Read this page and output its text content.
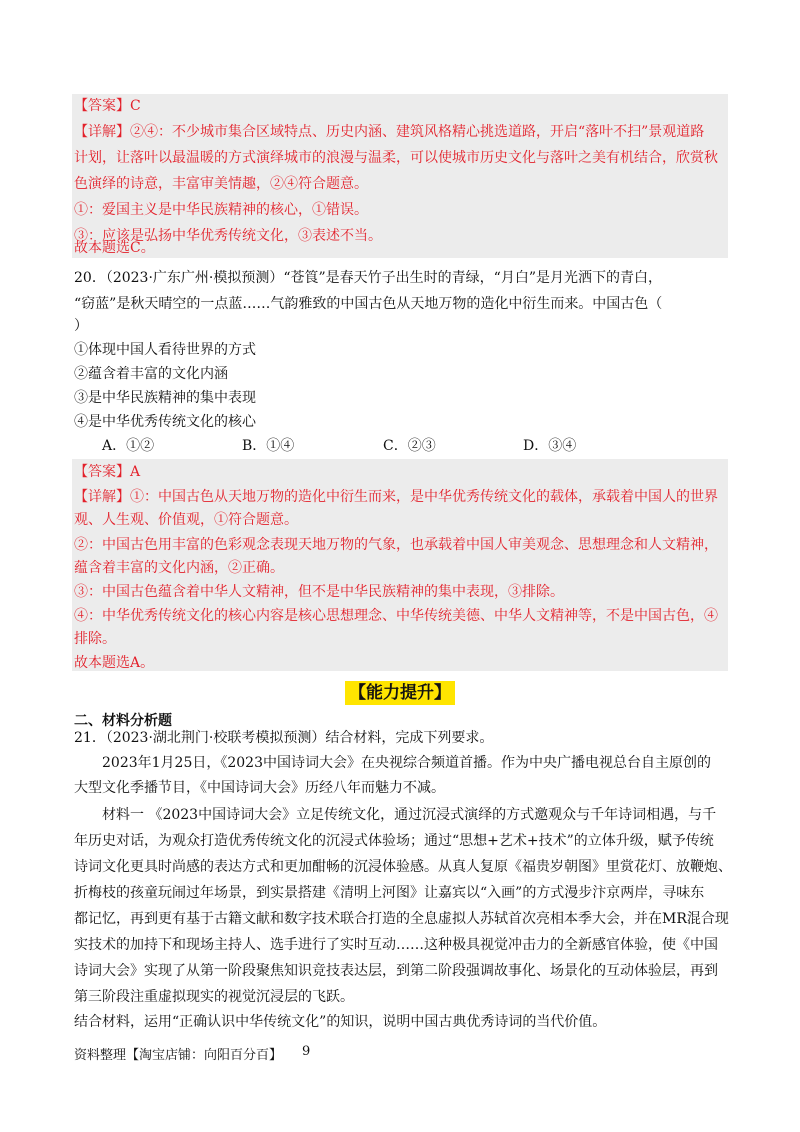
【答案】C
【详解】②④：不少城市集合区域特点、历史内涵、建筑风格精心挑选道路，开启“落叶不扫”景观道路
计划，让落叶以最温暖的方式演绎城市的浪漫与温柔，可以使城市历史文化与落叶之美有机结合，欣赏秋
色演绎的诗意，丰富审美情趣，②④符合题意。
①：爱国主义是中华民族精神的核心，①错误。
③：应该是弘扬中华优秀传统文化，③表述不当。
故本题选C。
20．（2023·广东广州·模拟预测）“苍筤”是春天竹子出生时的青绿，“月白”是月光洒下的青白，
“窃蓝”是秋天晴空的一点蓝……气韵雅致的中国古色从天地万物的造化中衍生而来。中国古色（
）
①体现中国人看待世界的方式
②蕴含着丰富的文化内涵
③是中华民族精神的集中表现
④是中华优秀传统文化的核心
A．①②	B．①④	C．②③	D．③④
【答案】A
【详解】①：中国古色从天地万物的造化中衍生而来，是中华优秀传统文化的载体，承载着中国人的世界
观、人生观、价值观，①符合题意。
②：中国古色用丰富的色彩观念表现天地万物的气象，也承载着中国人审美观念、思想理念和人文精神，
蕴含着丰富的文化内涵，②正确。
③：中国古色蕴含着中华人文精神，但不是中华民族精神的集中表现，③排除。
④：中华优秀传统文化的核心内容是核心思想理念、中华传统美德、中华人文精神等，不是中国古色，④
排除。
故本题选A。
【能力提升】
二、材料分析题
21．（2023·湖北荆门·校联考模拟预测）结合材料，完成下列要求。
2023年1月25日，《2023中国诗词大会》在央视综合频道首播。作为中央广播电视总台自主原创的
大型文化季播节目，《中国诗词大会》历经八年而魅力不减。
材料一 《2023中国诗词大会》立足传统文化，通过沉浸式演绎的方式邀观众与千年诗词相遇，与千
年历史对话，为观众打造优秀传统文化的沉浸式体验场；通过“思想+艺术+技术”的立体升级，赋予传统
诗词文化更具时尚感的表达方式和更加酣畅的沉浸体验感。从真人复原《福贵岁朝图》里赏花灯、放鞭炮、
折梅枝的孩童玩闹过年场景，到实景搭建《清明上河图》让嘉宾以“入画”的方式漫步汴京两岸，寻味东
都记忆，再到更有基于古籍文献和数字技术联合打造的全息虚拟人苏轼首次亮相本季大会，并在MR混合现
实技术的加持下和现场主持人、选手进行了实时互动……这种极具视觉冲击力的全新感官体验，使《中国
诗词大会》实现了从第一阶段聚焦知识竞技表达层，到第二阶段强调故事化、场景化的互动体验层，再到
第三阶段注重虚拟现实的视觉沉浸层的飞跃。
结合材料，运用“正确认识中华传统文化”的知识，说明中国古典优秀诗词的当代价值。
资料整理【淘宝店铺：向阳百分百】 9
